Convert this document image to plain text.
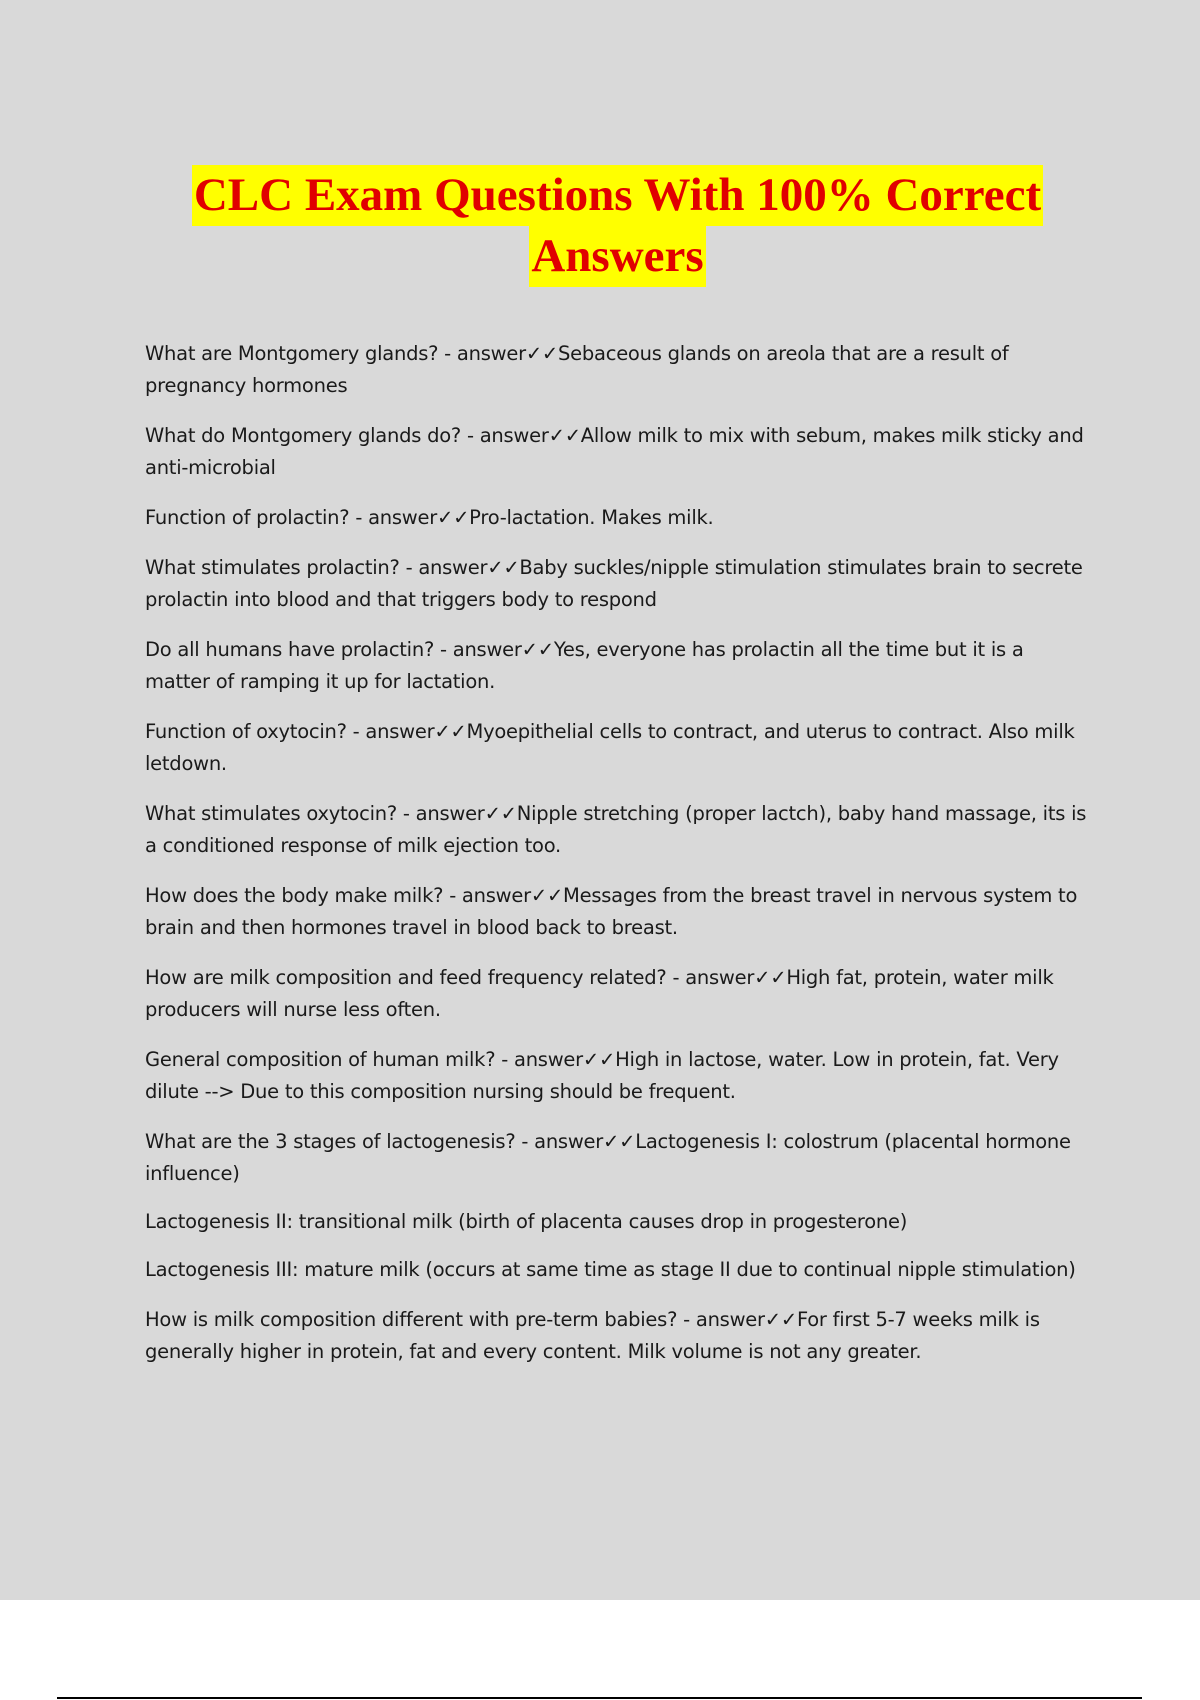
CLC Exam Questions With 100% Correct
Answers

What are Montgomery glands? - answer✓✓Sebaceous glands on areola that are a result of pregnancy hormones

What do Montgomery glands do? - answer✓✓Allow milk to mix with sebum, makes milk sticky and anti-microbial

Function of prolactin? - answer✓✓Pro-lactation. Makes milk.

What stimulates prolactin? - answer✓✓Baby suckles/nipple stimulation stimulates brain to secrete prolactin into blood and that triggers body to respond

Do all humans have prolactin? - answer✓✓Yes, everyone has prolactin all the time but it is a matter of ramping it up for lactation.

Function of oxytocin? - answer✓✓Myoepithelial cells to contract, and uterus to contract. Also milk letdown.

What stimulates oxytocin? - answer✓✓Nipple stretching (proper lactch), baby hand massage, its is a conditioned response of milk ejection too.

How does the body make milk? - answer✓✓Messages from the breast travel in nervous system to brain and then hormones travel in blood back to breast.

How are milk composition and feed frequency related? - answer✓✓High fat, protein, water milk producers will nurse less often.

General composition of human milk? - answer✓✓High in lactose, water. Low in protein, fat. Very dilute --> Due to this composition nursing should be frequent.

What are the 3 stages of lactogenesis? - answer✓✓Lactogenesis I: colostrum (placental hormone influence)

Lactogenesis II: transitional milk (birth of placenta causes drop in progesterone)

Lactogenesis III: mature milk (occurs at same time as stage II due to continual nipple stimulation)

How is milk composition different with pre-term babies? - answer✓✓For first 5-7 weeks milk is generally higher in protein, fat and every content. Milk volume is not any greater.
